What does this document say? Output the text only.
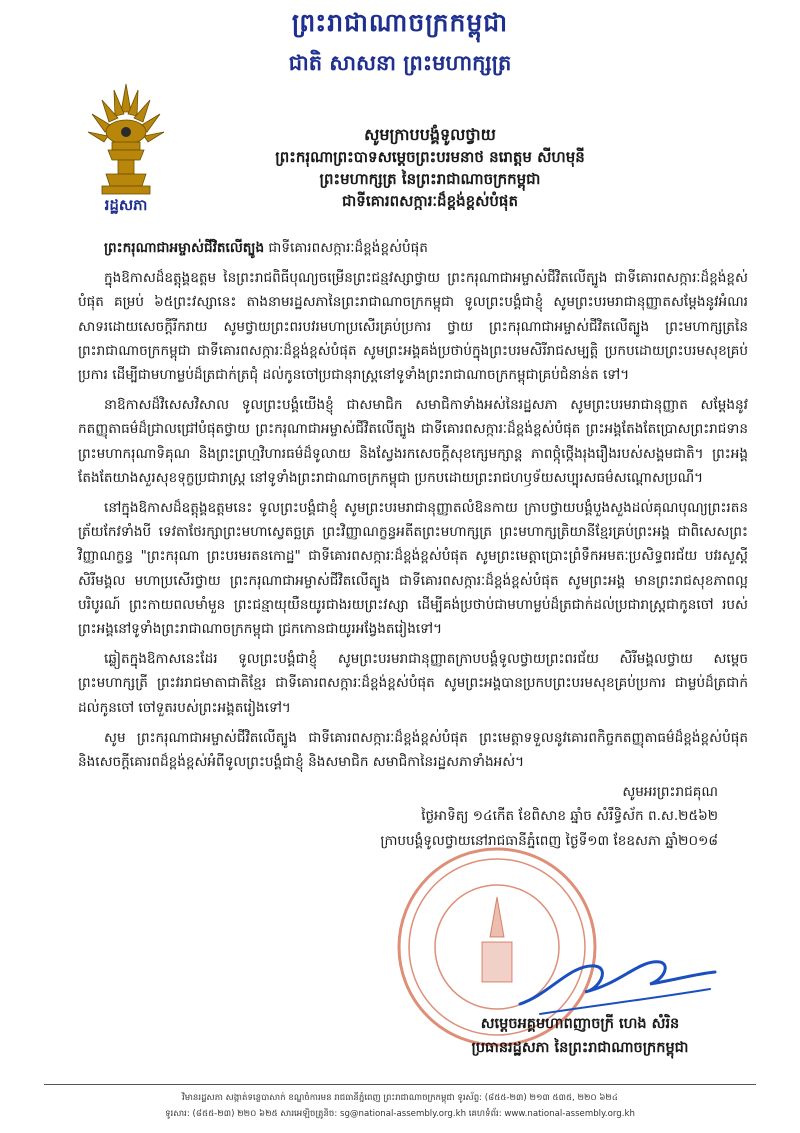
ព្រះរាជាណាចក្រកម្ពុជា
ជាតិ សាសនា ព្រះមហាក្សត្រ
រដ្ឋសភា
សូមក្រាបបង្គំទូលថ្វាយ
ព្រះករុណាព្រះបាទសម្តេចព្រះបរមនាថ នរោត្តម សីហមុនី
ព្រះមហាក្សត្រ នៃព្រះរាជាណាចក្រកម្ពុជា
ជាទីគោរពសក្ការៈដ៏ខ្ពង់ខ្ពស់បំផុត

ព្រះករុណាជាអម្ចាស់ជីវិតលើត្បូង ជាទីគោរពសក្ការៈដ៏ខ្ពង់ខ្ពស់បំផុត

ក្នុងឱកាសដ៏ឧត្តុង្គឧត្តម នៃព្រះរាជពិធីបុណ្យចម្រើនព្រះជន្មវស្សាថ្វាយ ព្រះករុណាជាអម្ចាស់ជីវិតលើត្បូង ជាទីគោរពសក្ការៈដ៏ខ្ពង់ខ្ពស់បំផុត គម្រប់ ៦៥ព្រះវស្សានេះ តាងនាមរដ្ឋសភានៃព្រះរាជាណាចក្រកម្ពុជា ទូលព្រះបង្គំជាខ្ញុំ សូមព្រះបរមរាជានុញ្ញាតសម្តែងនូវអំណរសាទរដោយសេចក្តីរីករាយ សូមថ្វាយព្រះពរបវរមហាប្រសើរគ្រប់ប្រការ ថ្វាយ ព្រះករុណាជាអម្ចាស់ជីវិតលើត្បូង ព្រះមហាក្សត្រនៃព្រះរាជាណាចក្រកម្ពុជា ជាទីគោរពសក្ការៈដ៏ខ្ពង់ខ្ពស់បំផុត សូមព្រះអង្គគង់ប្រថាប់ក្នុងព្រះបរមសិរីរាជសម្បត្តិ ប្រកបដោយព្រះបរមសុខគ្រប់ប្រការ ដើម្បីជាមហាម្លប់ដ៏ត្រជាក់ត្រជុំ ដល់កូនចៅប្រជានុរាស្ត្រនៅទូទាំងព្រះរាជាណាចក្រកម្ពុជាគ្រប់ជំនាន់ត ទៅ។

នាឱកាសដ៏វិសេសវិសាល ទូលព្រះបង្គំយើងខ្ញុំ ជាសមាជិក សមាជិកាទាំងអស់នៃរដ្ឋសភា សូមព្រះបរមរាជានុញ្ញាត សម្តែងនូវកតញ្ញុតាធម៌ដ៏ជ្រាលជ្រៅបំផុតថ្វាយ ព្រះករុណាជាអម្ចាស់ជីវិតលើត្បូង ជាទីគោរពសក្ការៈដ៏ខ្ពង់ខ្ពស់បំផុត ព្រះអង្គតែងតែប្រោសព្រះរាជទានព្រះមហាករុណាទិគុណ និងព្រះព្រហ្មវិហារធម៌ដ៏ទូលាយ និងស្វែងរកសេចក្តីសុខក្សេមក្សាន្ត ភាពថ្កុំថ្កើងរុងរឿងរបស់សង្គមជាតិ។ ព្រះអង្គតែងតែយាងសួរសុខទុក្ខប្រជារាស្ត្រ នៅទូទាំងព្រះរាជាណាចក្រកម្ពុជា ប្រកបដោយព្រះរាជហឫទ័យសប្បុរសធម៌សណ្តោសប្រណី។

នៅក្នុងឱកាសដ៏ឧត្តុង្គឧត្តមនេះ ទូលព្រះបង្គំជាខ្ញុំ សូមព្រះបរមរាជានុញ្ញាតលំឱនកាយ ក្រាបថ្វាយបង្គំបួងសួងដល់គុណបុណ្យព្រះរតនត្រ័យកែវទាំងបី ទេវតាថែរក្សាព្រះមហាស្វេតច្ឆត្រ ព្រះវិញ្ញាណក្ខន្ធអតីតព្រះមហាក្សត្រ ព្រះមហាក្សត្រិយានីខ្មែរគ្រប់ព្រះអង្គ ជាពិសេសព្រះវិញ្ញាណក្ខន្ធ "ព្រះករុណា ព្រះបរមរតនកោដ្ឋ" ជាទីគោរពសក្ការៈដ៏ខ្ពង់ខ្ពស់បំផុត សូមព្រះមេត្តាប្រោះព្រំទឹកអមតៈប្រសិទ្ធពរជ័យ បវរសួស្តី សិរីមង្គល មហាប្រសើរថ្វាយ ព្រះករុណាជាអម្ចាស់ជីវិតលើត្បូង ជាទីគោរពសក្ការៈដ៏ខ្ពង់ខ្ពស់បំផុត សូមព្រះអង្គ មានព្រះរាជសុខភាពល្អបរិបូរណ៍ ព្រះកាយពលមាំមួន ព្រះជន្មាយុយឺនយូរជាងរយព្រះវស្សា ដើម្បីគង់ប្រថាប់ជាមហាម្លប់ដ៏ត្រជាក់ដល់ប្រជារាស្ត្រជាកូនចៅ របស់ព្រះអង្គនៅទូទាំងព្រះរាជាណាចក្រកម្ពុជា ជ្រកកោនជាយូរអង្វែងតរៀងទៅ។

ឆ្លៀតក្នុងឱកាសនេះដែរ ទូលព្រះបង្គំជាខ្ញុំ សូមព្រះបរមរាជានុញ្ញាតក្រាបបង្គំទូលថ្វាយព្រះពរជ័យ សិរីមង្គលថ្វាយ សម្តេចព្រះមហាក្សត្រី ព្រះវររាជមាតាជាតិខ្មែរ ជាទីគោរពសក្ការៈដ៏ខ្ពង់ខ្ពស់បំផុត សូមព្រះអង្គបានប្រកបព្រះបរមសុខគ្រប់ប្រការ ជាម្លប់ដ៏ត្រជាក់ដល់កូនចៅ ចៅទួតរបស់ព្រះអង្គតរៀងទៅ។

សូម ព្រះករុណាជាអម្ចាស់ជីវិតលើត្បូង ជាទីគោរពសក្ការៈដ៏ខ្ពង់ខ្ពស់បំផុត ព្រះមេត្តាទទួលនូវគោរពកិច្ចកតញ្ញុតាធម៌ដ៏ខ្ពង់ខ្ពស់បំផុត និងសេចក្តីគោរពដ៏ខ្ពង់ខ្ពស់អំពីទូលព្រះបង្គំជាខ្ញុំ និងសមាជិក សមាជិកានៃរដ្ឋសភាទាំងអស់។

សូមអរព្រះរាជគុណ
ថ្ងៃអាទិត្យ ១៤កើត ខែពិសាខ ឆ្នាំច សំរឹទ្ធិស័ក ព.ស.២៥៦២
ក្រាបបង្គំទូលថ្វាយនៅរាជធានីភ្នំពេញ ថ្ងៃទី១៣ ខែឧសភា ឆ្នាំ២០១៨
សម្តេចអគ្គមហាពញាចក្រី ហេង សំរិន
ប្រធានរដ្ឋសភា នៃព្រះរាជាណាចក្រកម្ពុជា
វិមានរដ្ឋសភា សង្កាត់ទន្លេបាសាក់ ខណ្ឌចំការមន រាជធានីភ្នំពេញ ព្រះរាជាណាចក្រកម្ពុជា ទូរស័ព្ទ: (៨៥៥-២៣) ២១៣ ៥៣៥, ២២០ ៦២៤
ទូរសារ: (៨៥៥-២៣) ២២០ ៦២៥ សារអេឡិចត្រូនិច: sg@national-assembly.org.kh គេហទំព័រ: www.national-assembly.org.kh
